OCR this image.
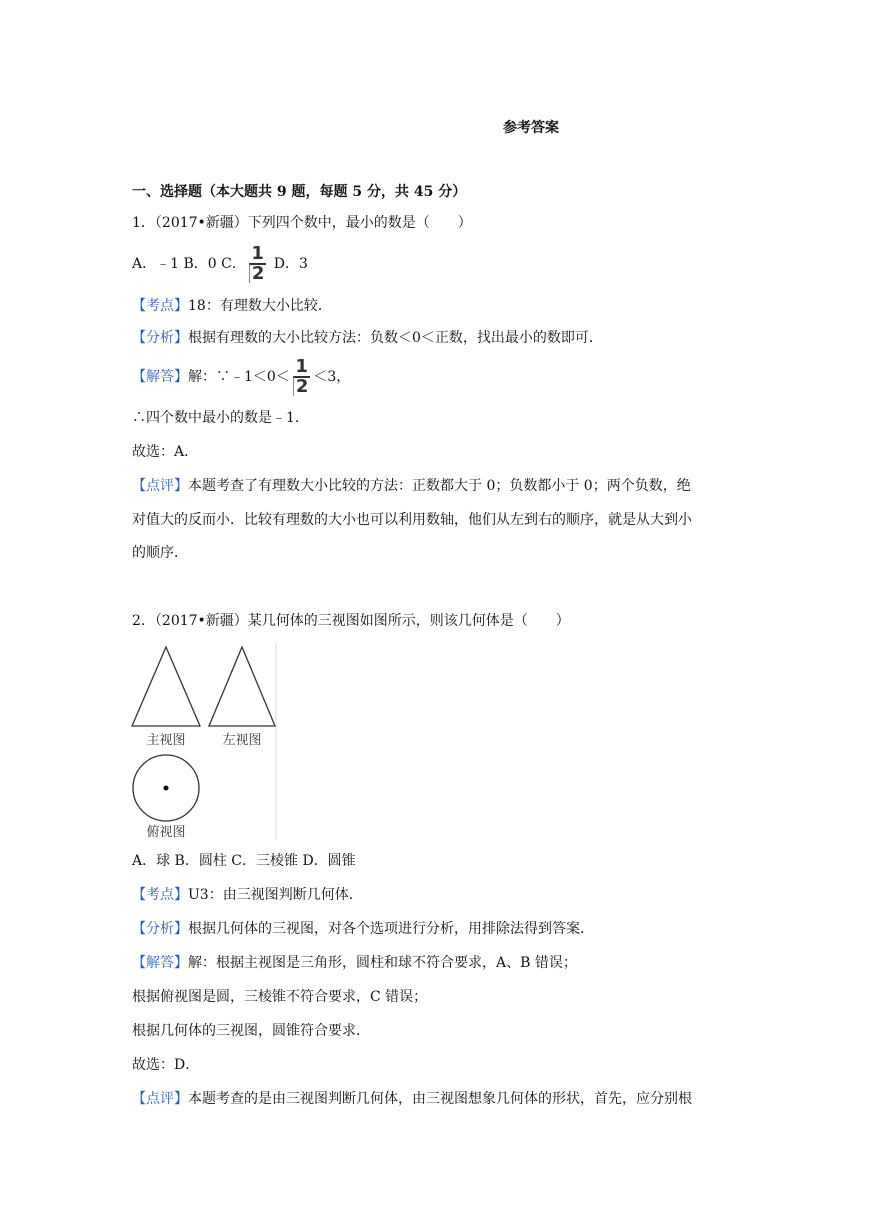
参考答案
一、选择题（本大题共 9 题，每题 5 分，共 45 分）
1．（2017•新疆）下列四个数中，最小的数是（　　）
A．﹣1 B．0 C． $\frac{1}{2}$ D．3
【考点】18：有理数大小比较．
【分析】根据有理数的大小比较方法：负数＜0＜正数，找出最小的数即可．
【解答】解：∵﹣1＜0＜ $\frac{1}{2} <3$，
∴四个数中最小的数是﹣1．
故选：A．
【点评】本题考查了有理数大小比较的方法：正数都大于 0；负数都小于 0；两个负数，绝
对值大的反而小．比较有理数的大小也可以利用数轴，他们从左到右的顺序，就是从大到小
的顺序．
2．（2017•新疆）某几何体的三视图如图所示，则该几何体是（　　）
主视图	左视图
俯视图
A．球 B．圆柱 C．三棱锥 D．圆锥
【考点】U3：由三视图判断几何体．
【分析】根据几何体的三视图，对各个选项进行分析，用排除法得到答案．
【解答】解：根据主视图是三角形，圆柱和球不符合要求，A、B 错误；
根据俯视图是圆，三棱锥不符合要求，C 错误；
根据几何体的三视图，圆锥符合要求．
故选：D．
【点评】本题考查的是由三视图判断几何体，由三视图想象几何体的形状，首先，应分别根
